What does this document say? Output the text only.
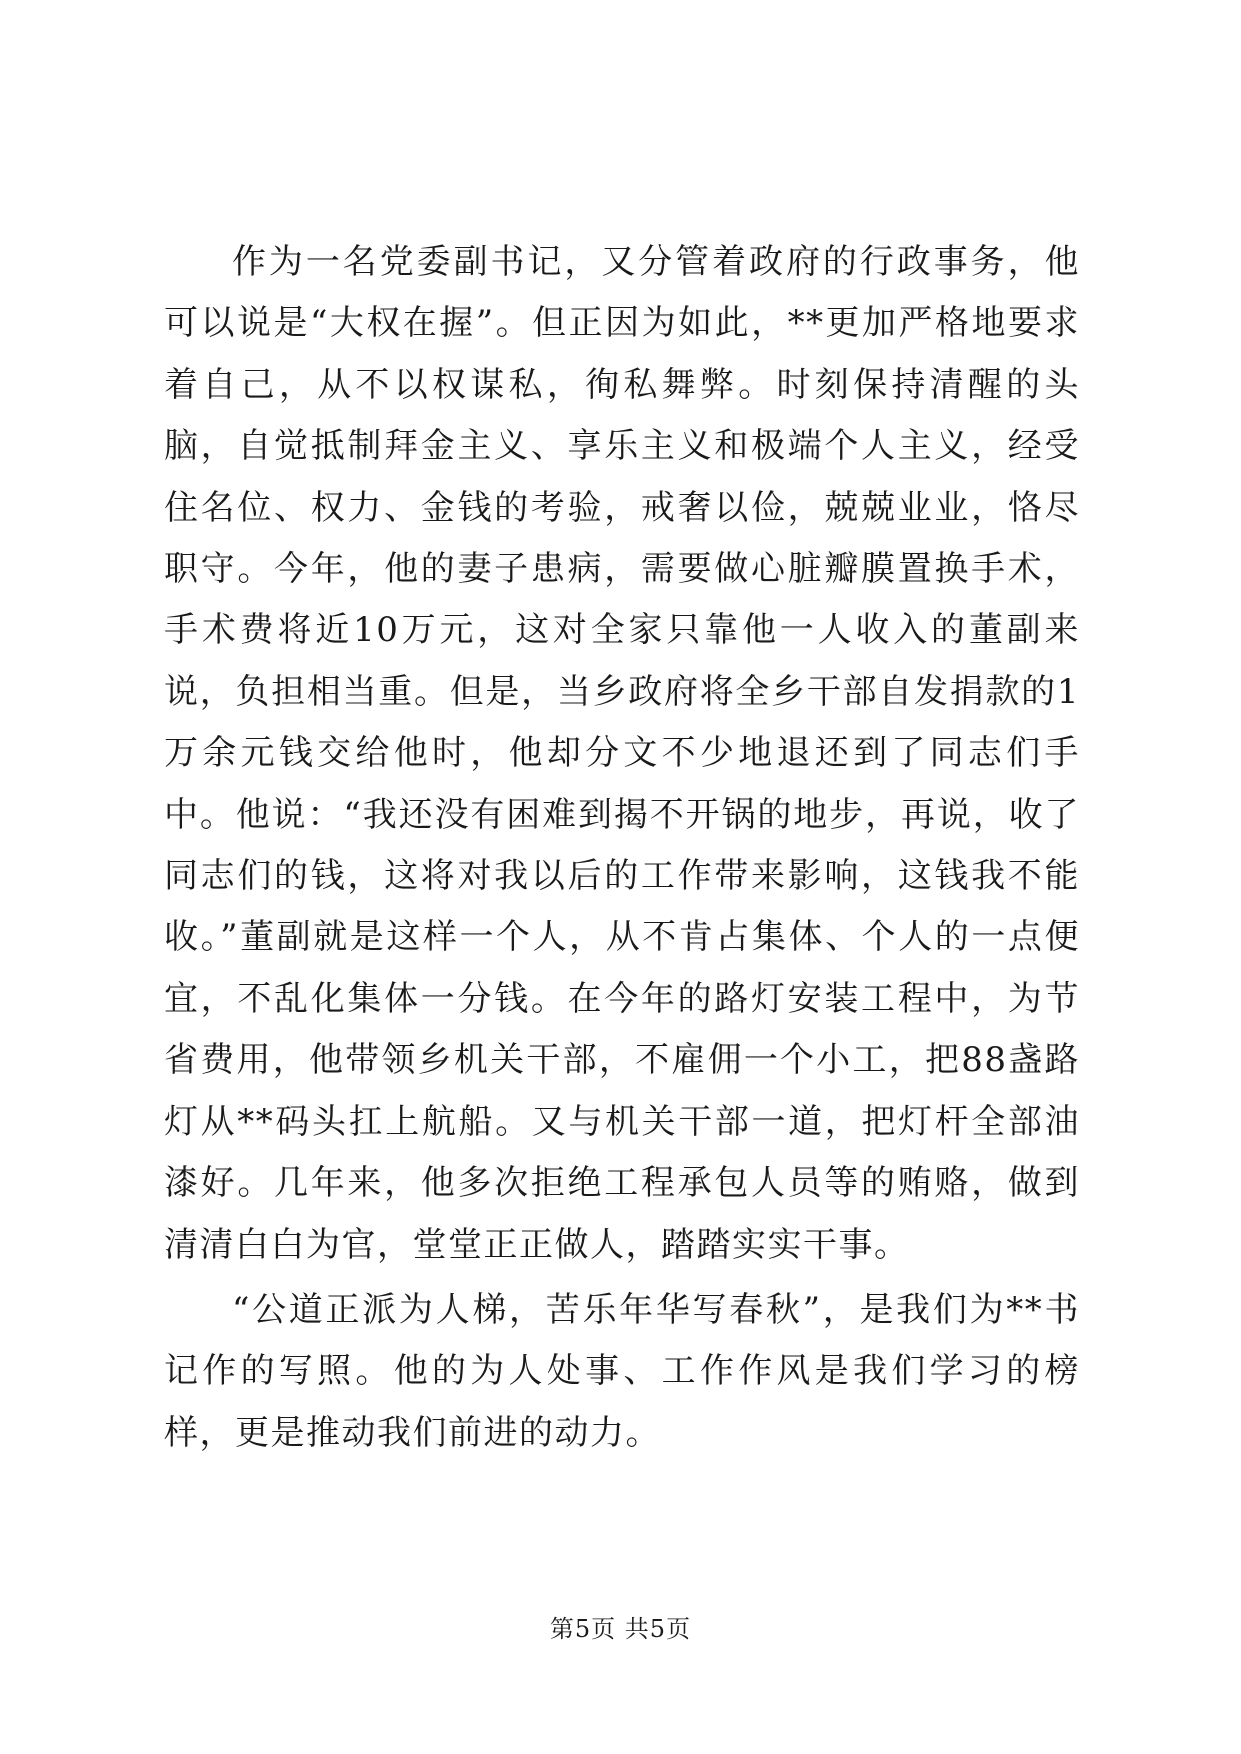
作为一名党委副书记，又分管着政府的行政事务，他可以说是“大权在握”。但正因为如此，**更加严格地要求着自己，从不以权谋私，徇私舞弊。时刻保持清醒的头脑，自觉抵制拜金主义、享乐主义和极端个人主义，经受住名位、权力、金钱的考验，戒奢以俭，兢兢业业，恪尽职守。今年，他的妻子患病，需要做心脏瓣膜置换手术，手术费将近10万元，这对全家只靠他一人收入的董副来说，负担相当重。但是，当乡政府将全乡干部自发捐款的1万余元钱交给他时，他却分文不少地退还到了同志们手中。他说：“我还没有困难到揭不开锅的地步，再说，收了同志们的钱，这将对我以后的工作带来影响，这钱我不能收。”董副就是这样一个人，从不肯占集体、个人的一点便宜，不乱化集体一分钱。在今年的路灯安装工程中，为节省费用，他带领乡机关干部，不雇佣一个小工，把88盏路灯从**码头扛上航船。又与机关干部一道，把灯杆全部油漆好。几年来，他多次拒绝工程承包人员等的贿赂，做到清清白白为官，堂堂正正做人，踏踏实实干事。

“公道正派为人梯，苦乐年华写春秋”，是我们为**书记作的写照。他的为人处事、工作作风是我们学习的榜样，更是推动我们前进的动力。

第5页 共5页
